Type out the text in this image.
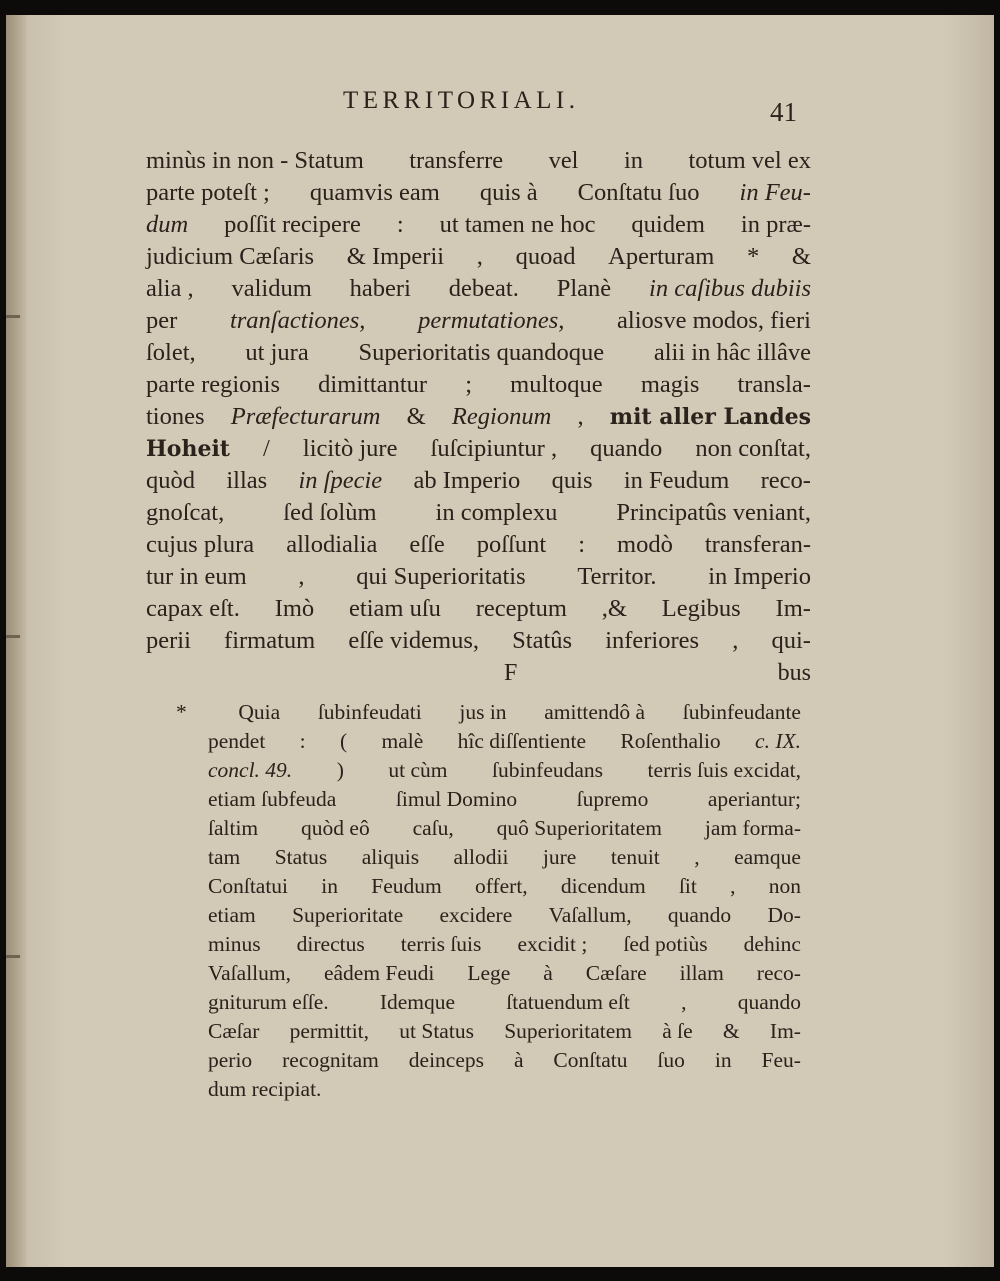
TERRITORIALI.	41
minùs in non - Statum transferre vel in totum vel ex
parte poteſt ; quamvis eam quis à Conſtatu ſuo in Feu-
dum poſſit recipere : ut tamen ne hoc quidem in præ-
judicium Cæſaris & Imperii , quoad Aperturam * &
alia , validum haberi debeat. Planè in caſibus dubiis
per tranſactiones, permutationes, aliosve modos, fieri
ſolet, ut jura Superioritatis quandoque alii in hâc illâve
parte regionis dimittantur ; multoque magis transla-
tiones Præfecturarum & Regionum , mit aller Landes
Hoheit / licitò jure ſuſcipiuntur , quando non conſtat,
quòd illas in ſpecie ab Imperio quis in Feudum reco-
gnoſcat, ſed ſolùm in complexu Principatûs veniant,
cujus plura allodialia eſſe poſſunt : modò transferan-
tur in eum , qui Superioritatis Territor. in Imperio
capax eſt. Imò etiam uſu receptum ,& Legibus Im-
perii firmatum eſſe videmus, Statûs inferiores , qui-
F	bus
* Quia ſubinfeudati jus in amittendô à ſubinfeudante
pendet : ( malè hîc diſſentiente Roſenthalio c. IX.
concl. 49. ) ut cùm ſubinfeudans terris ſuis excidat,
etiam ſubfeuda	ſimul Domino	ſupremo	aperiantur;
ſaltim quòd eô caſu, quô Superioritatem jam forma-
tam Status aliquis allodii jure tenuit , eamque
Conſtatui in Feudum offert, dicendum ſit , non
etiam Superioritate excidere Vaſallum, quando Do-
minus directus terris ſuis excidit ; ſed potiùs dehinc
Vaſallum, eâdem Feudi Lege à Cæſare illam reco-
gniturum eſſe. Idemque ſtatuendum eſt , quando
Cæſar permittit, ut Status Superioritatem à ſe & Im-
perio recognitam deinceps à Conſtatu ſuo in Feu-
dum recipiat.
